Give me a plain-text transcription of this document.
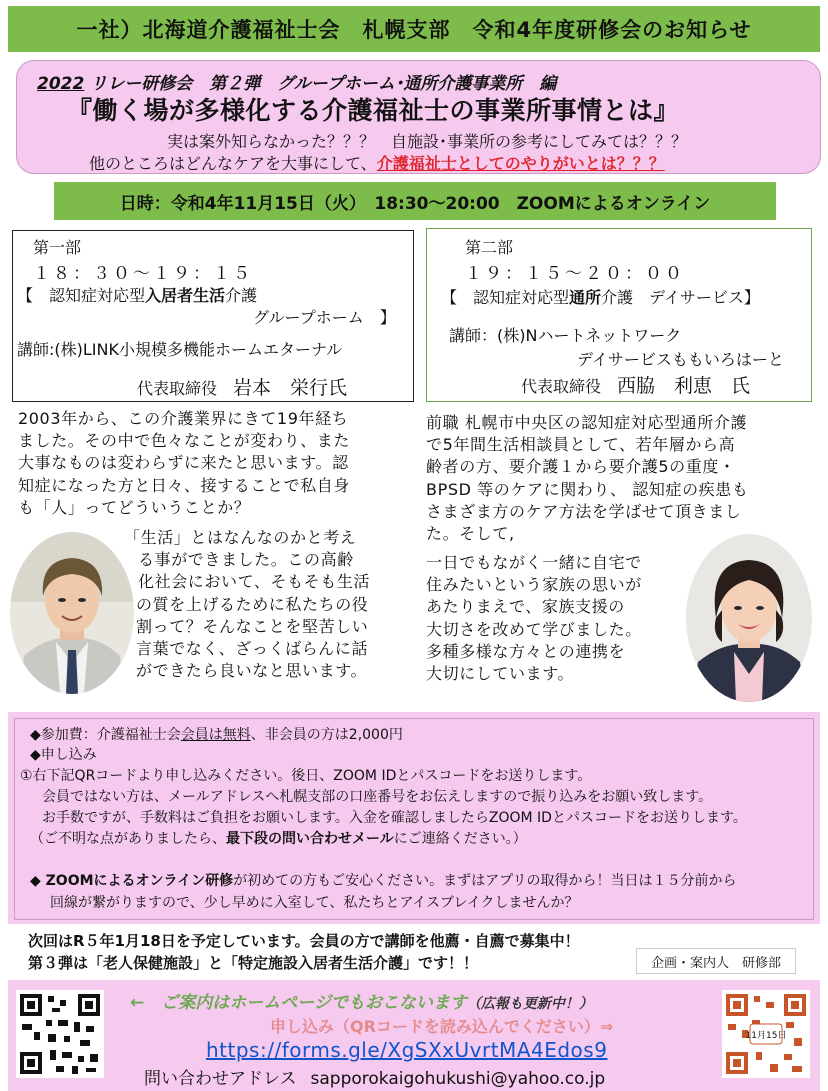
一社）北海道介護福祉士会　札幌支部　令和4年度研修会のお知らせ
2022 リレー研修会　第２弾　グループホーム･通所介護事業所　編
『働く場が多様化する介護福祉士の事業所事情とは』
実は案外知らなかった？？？　自施設･事業所の参考にしてみては？？？
他のところはどんなケアを大事にして、介護福祉士としてのやりがいとは？？？
日時：令和4年11月15日（火）　18:30～20:00　ZOOMによるオンライン
第一部
１８：３０～１９：１５
【　認知症対応型入居者生活介護
グループホーム　】
講師:(株)LINK小規模多機能ホームエターナル
代表取締役　 岩本　栄行氏
第二部
１９：１５～２０：００
【　認知症対応型通所介護　デイサービス】
講師：(株)Nハートネットワーク
デイサービスももいろはーと
代表取締役　 西脇　利恵　氏
2003年から、この介護業界にきて19年経ち
ました。その中で色々なことが変わり、また
大事なものは変わらずに来たと思います。認
知症になった方と日々、接することで私自身
も「人」ってどういうことか？
「生活」とはなんなのかと考え
る事ができました。この高齢
化社会において、そもそも生活
の質を上げるために私たちの役
割って？そんなことを堅苦しい
言葉でなく、ざっくばらんに話
ができたら良いなと思います。
前職 札幌市中央区の認知症対応型通所介護
で5年間生活相談員として、若年層から高
齢者の方、要介護１から要介護5の重度・
BPSD 等のケアに関わり、 認知症の疾患も
さまざま方のケア方法を学ばせて頂きまし
た。そして,
一日でもながく一緒に自宅で
住みたいという家族の思いが
あたりまえで、家族支援の
大切さを改めて学びました。
多種多様な方々との連携を
大切にしています。
◆参加費：介護福祉士会会員は無料、非会員の方は2,000円
◆申し込み
①右下記QRコードより申し込みください。後日、ZOOM IDとパスコードをお送りします。
会員ではない方は、メールアドレスへ札幌支部の口座番号をお伝えしますので振り込みをお願い致します。
お手数ですが、手数料はご負担をお願いします。入金を確認しましたらZOOM IDとパスコードをお送りします。
（ご不明な点がありましたら、最下段の問い合わせメールにご連絡ください。）
◆ ZOOMによるオンライン研修が初めての方もご安心ください。まずはアプリの取得から！当日は１５分前から
回線が繋がりますので、少し早めに入室して、私たちとアイスブレイクしませんか？
次回はR５年1月18日を予定しています。会員の方で講師を他薦・自薦で募集中！
第３弾は「老人保健施設」と「特定施設入居者生活介護」です！！	企画・案内人　研修部
←　 ご案内はホームページでもおこないます（広報も更新中！）
申し込み（QRコードを読み込んでください）⇒
https://forms.gle/XgSXxUvrtMA4Edos9
問い合わせアドレス sapporokaigohukushi@yahoo.co.jp
11月15日
